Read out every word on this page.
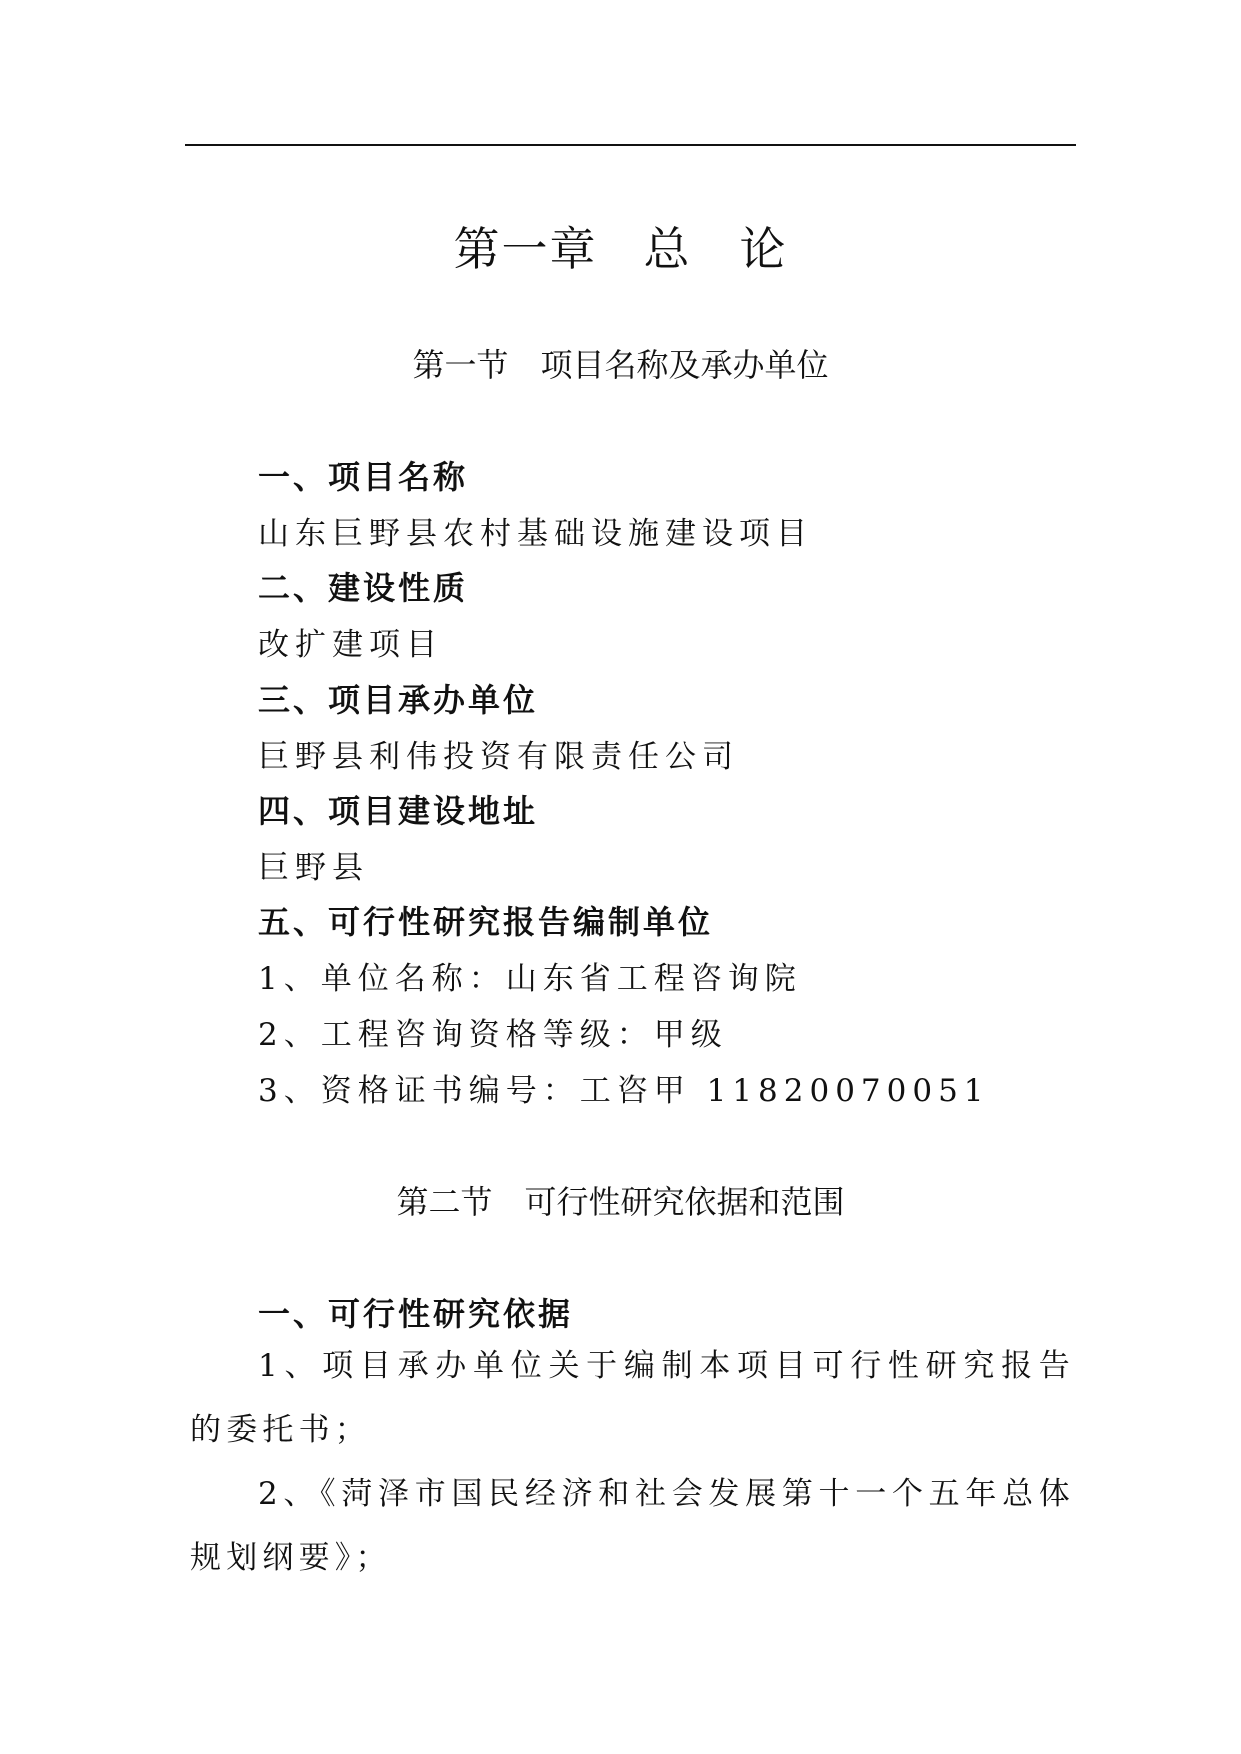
第一章 总　论
第一节 项目名称及承办单位
一、项目名称
山东巨野县农村基础设施建设项目
二、建设性质
改扩建项目
三、项目承办单位
巨野县利伟投资有限责任公司
四、项目建设地址
巨野县
五、可行性研究报告编制单位
1、单位名称：山东省工程咨询院
2、工程咨询资格等级：甲级
3、资格证书编号：工咨甲 11820070051
第二节 可行性研究依据和范围
一、可行性研究依据
1、项目承办单位关于编制本项目可行性研究报告的委托书；
2、《菏泽市国民经济和社会发展第十一个五年总体规划纲要》；
